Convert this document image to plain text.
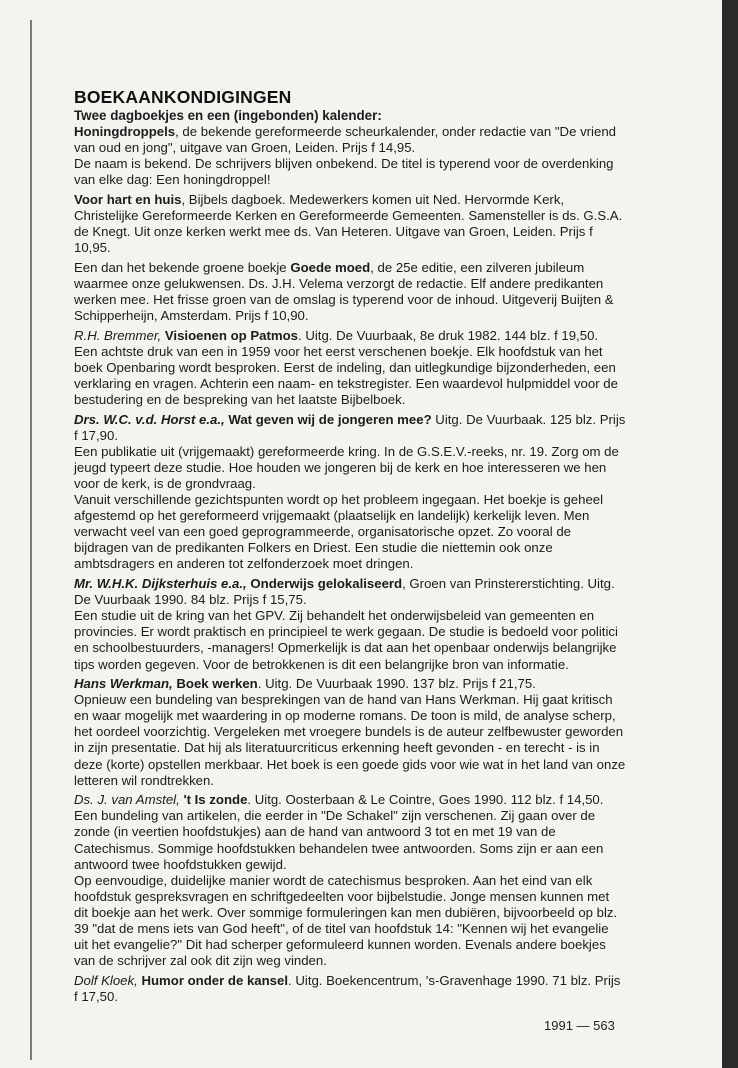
BOEKAANKONDIGINGEN
Twee dagboekjes en een (ingebonden) kalender:

Honingdroppels, de bekende gereformeerde scheurkalender, onder redactie van "De vriend van oud en jong", uitgave van Groen, Leiden. Prijs f 14,95.
De naam is bekend. De schrijvers blijven onbekend. De titel is typerend voor de overdenking van elke dag: Een honingdroppel!

Voor hart en huis, Bijbels dagboek. Medewerkers komen uit Ned. Hervormde Kerk, Christelijke Gereformeerde Kerken en Gereformeerde Gemeenten. Samensteller is ds. G.S.A. de Knegt. Uit onze kerken werkt mee ds. Van Heteren. Uitgave van Groen, Leiden. Prijs f 10,95.

Een dan het bekende groene boekje Goede moed, de 25e editie, een zilveren jubileum waarmee onze gelukwensen. Ds. J.H. Velema verzorgt de redactie. Elf andere predikanten werken mee. Het frisse groen van de omslag is typerend voor de inhoud. Uitgeverij Buijten & Schipperheijn, Amsterdam. Prijs f 10,90.

R.H. Bremmer, Visioenen op Patmos. Uitg. De Vuurbaak, 8e druk 1982. 144 blz. f 19,50.
Een achtste druk van een in 1959 voor het eerst verschenen boekje. Elk hoofdstuk van het boek Openbaring wordt besproken. Eerst de indeling, dan uitlegkundige bijzonderheden, een verklaring en vragen. Achterin een naam- en tekstregister. Een waardevol hulpmiddel voor de bestudering en de bespreking van het laatste Bijbelboek.

Drs. W.C. v.d. Horst e.a., Wat geven wij de jongeren mee? Uitg. De Vuurbaak. 125 blz. Prijs f 17,90.
Een publikatie uit (vrijgemaakt) gereformeerde kring. In de G.S.E.V.-reeks, nr. 19. Zorg om de jeugd typeert deze studie. Hoe houden we jongeren bij de kerk en hoe interesseren we hen voor de kerk, is de grondvraag.
Vanuit verschillende gezichtspunten wordt op het probleem ingegaan. Het boekje is geheel afgestemd op het gereformeerd vrijgemaakt (plaatselijk en landelijk) kerkelijk leven. Men verwacht veel van een goed geprogrammeerde, organisatorische opzet. Zo vooral de bijdragen van de predikanten Folkers en Driest. Een studie die niettemin ook onze ambtsdragers en anderen tot zelfonderzoek moet dringen.

Mr. W.H.K. Dijksterhuis e.a., Onderwijs gelokaliseerd, Groen van Prinstererstichting. Uitg. De Vuurbaak 1990. 84 blz. Prijs f 15,75.
Een studie uit de kring van het GPV. Zij behandelt het onderwijsbeleid van gemeenten en provincies. Er wordt praktisch en principieel te werk gegaan. De studie is bedoeld voor politici en schoolbestuurders, -managers! Opmerkelijk is dat aan het openbaar onderwijs belangrijke tips worden gegeven. Voor de betrokkenen is dit een belangrijke bron van informatie.

Hans Werkman, Boek werken. Uitg. De Vuurbaak 1990. 137 blz. Prijs f 21,75.
Opnieuw een bundeling van besprekingen van de hand van Hans Werkman. Hij gaat kritisch en waar mogelijk met waardering in op moderne romans. De toon is mild, de analyse scherp, het oordeel voorzichtig. Vergeleken met vroegere bundels is de auteur zelfbewuster geworden in zijn presentatie. Dat hij als literatuurcriticus erkenning heeft gevonden - en terecht - is in deze (korte) opstellen merkbaar. Het boek is een goede gids voor wie wat in het land van onze letteren wil rondtrekken.

Ds. J. van Amstel, 't Is zonde. Uitg. Oosterbaan & Le Cointre, Goes 1990. 112 blz. f 14,50.
Een bundeling van artikelen, die eerder in "De Schakel" zijn verschenen. Zij gaan over de zonde (in veertien hoofdstukjes) aan de hand van antwoord 3 tot en met 19 van de Catechismus. Sommige hoofdstukken behandelen twee antwoorden. Soms zijn er aan een antwoord twee hoofdstukken gewijd.
Op eenvoudige, duidelijke manier wordt de catechismus besproken. Aan het eind van elk hoofdstuk gespreksvragen en schriftgedeelten voor bijbelstudie. Jonge mensen kunnen met dit boekje aan het werk. Over sommige formuleringen kan men dubiëren, bijvoorbeeld op blz. 39 "dat de mens iets van God heeft", of de titel van hoofdstuk 14: "Kennen wij het evangelie uit het evangelie?" Dit had scherper geformuleerd kunnen worden. Evenals andere boekjes van de schrijver zal ook dit zijn weg vinden.

Dolf Kloek, Humor onder de kansel. Uitg. Boekencentrum, 's-Gravenhage 1990. 71 blz. Prijs f 17,50.

1991 — 563
